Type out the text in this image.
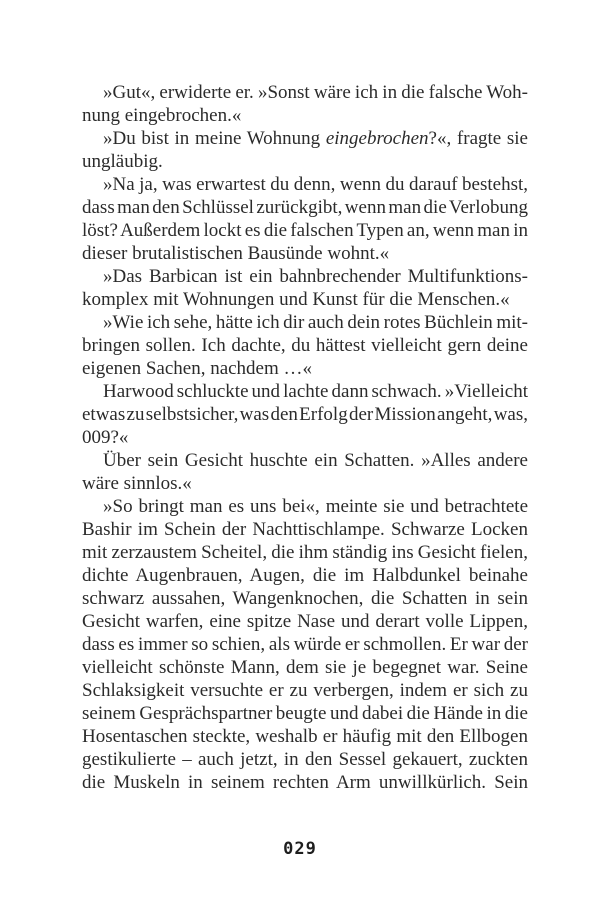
»Gut«, erwiderte er. »Sonst wäre ich in die falsche Woh-
nung eingebrochen.«
»Du bist in meine Wohnung eingebrochen?«, fragte sie
ungläubig.
»Na ja, was erwartest du denn, wenn du darauf bestehst,
dass man den Schlüssel zurückgibt, wenn man die Verlobung
löst? Außerdem lockt es die falschen Typen an, wenn man in
dieser brutalistischen Bausünde wohnt.«
»Das Barbican ist ein bahnbrechender Multifunktions-
komplex mit Wohnungen und Kunst für die Menschen.«
»Wie ich sehe, hätte ich dir auch dein rotes Büchlein mit-
bringen sollen. Ich dachte, du hättest vielleicht gern deine
eigenen Sachen, nachdem …«
Harwood schluckte und lachte dann schwach. »Vielleicht
etwas zu selbstsicher, was den Erfolg der Mission angeht, was,
009?«
Über sein Gesicht huschte ein Schatten. »Alles andere
wäre sinnlos.«
»So bringt man es uns bei«, meinte sie und betrachtete
Bashir im Schein der Nachttischlampe. Schwarze Locken
mit zerzaustem Scheitel, die ihm ständig ins Gesicht fielen,
dichte Augenbrauen, Augen, die im Halbdunkel beinahe
schwarz aussahen, Wangenknochen, die Schatten in sein
Gesicht warfen, eine spitze Nase und derart volle Lippen,
dass es immer so schien, als würde er schmollen. Er war der
vielleicht schönste Mann, dem sie je begegnet war. Seine
Schlaksigkeit versuchte er zu verbergen, indem er sich zu
seinem Gesprächspartner beugte und dabei die Hände in die
Hosentaschen steckte, weshalb er häufig mit den Ellbogen
gestikulierte – auch jetzt, in den Sessel gekauert, zuckten
die Muskeln in seinem rechten Arm unwillkürlich. Sein
029
